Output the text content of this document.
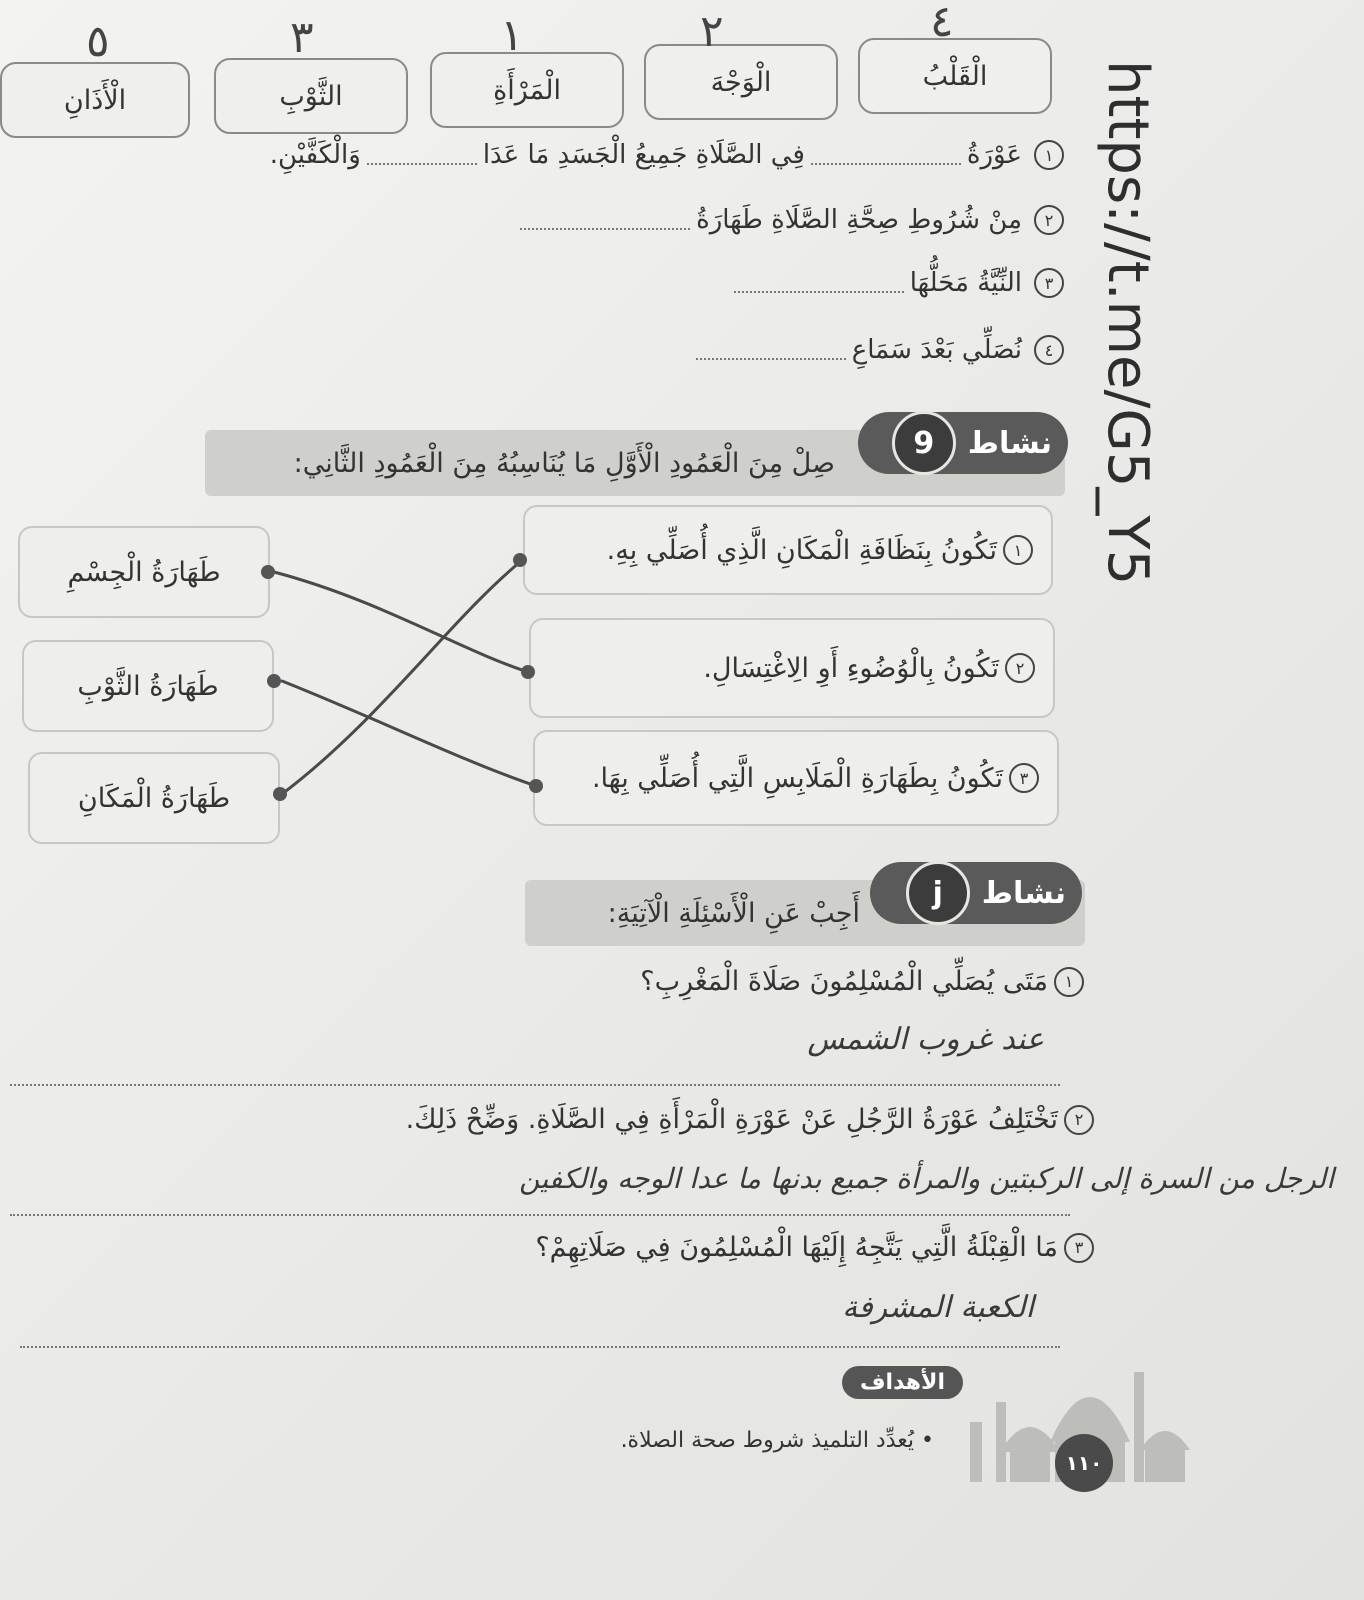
الْقَلْبُ
الْوَجْهَ
الْمَرْأَةِ
الثَّوْبِ
الْأَذَانِ
٤
٢
١
٣
٥
١
عَوْرَةُ
فِي الصَّلَاةِ جَمِيعُ الْجَسَدِ مَا عَدَا
وَالْكَفَّيْنِ.
٢
مِنْ شُرُوطِ صِحَّةِ الصَّلَاةِ طَهَارَةُ
٣
النِّيَّةُ مَحَلُّهَا
٤
نُصَلِّي بَعْدَ سَمَاعِ
صِلْ مِنَ الْعَمُودِ الْأَوَّلِ مَا يُنَاسِبُهُ مِنَ الْعَمُودِ الثَّانِي:
نشاط
9
١
تَكُونُ بِنَظَافَةِ الْمَكَانِ الَّذِي أُصَلِّي بِهِ.
٢
تَكُونُ بِالْوُضُوءِ أَوِ الِاغْتِسَالِ.
٣
تَكُونُ بِطَهَارَةِ الْمَلَابِسِ الَّتِي أُصَلِّي بِهَا.
طَهَارَةُ الْجِسْمِ
طَهَارَةُ الثَّوْبِ
طَهَارَةُ الْمَكَانِ
أَجِبْ عَنِ الْأَسْئِلَةِ الْآتِيَةِ:
نشاط
j
١
مَتَى يُصَلِّي الْمُسْلِمُونَ صَلَاةَ الْمَغْرِبِ؟
عند غروب الشمس
٢
تَخْتَلِفُ عَوْرَةُ الرَّجُلِ عَنْ عَوْرَةِ الْمَرْأَةِ فِي الصَّلَاةِ. وَضِّحْ ذَلِكَ.
الرجل من السرة إلى الركبتين والمرأة جميع بدنها ما عدا الوجه والكفين
٣
مَا الْقِبْلَةُ الَّتِي يَتَّجِهُ إِلَيْهَا الْمُسْلِمُونَ فِي صَلَاتِهِمْ؟
الكعبة المشرفة
https://t.me/G5_Y5
الأهداف
• يُعدِّد التلميذ شروط صحة الصلاة.
١١٠
